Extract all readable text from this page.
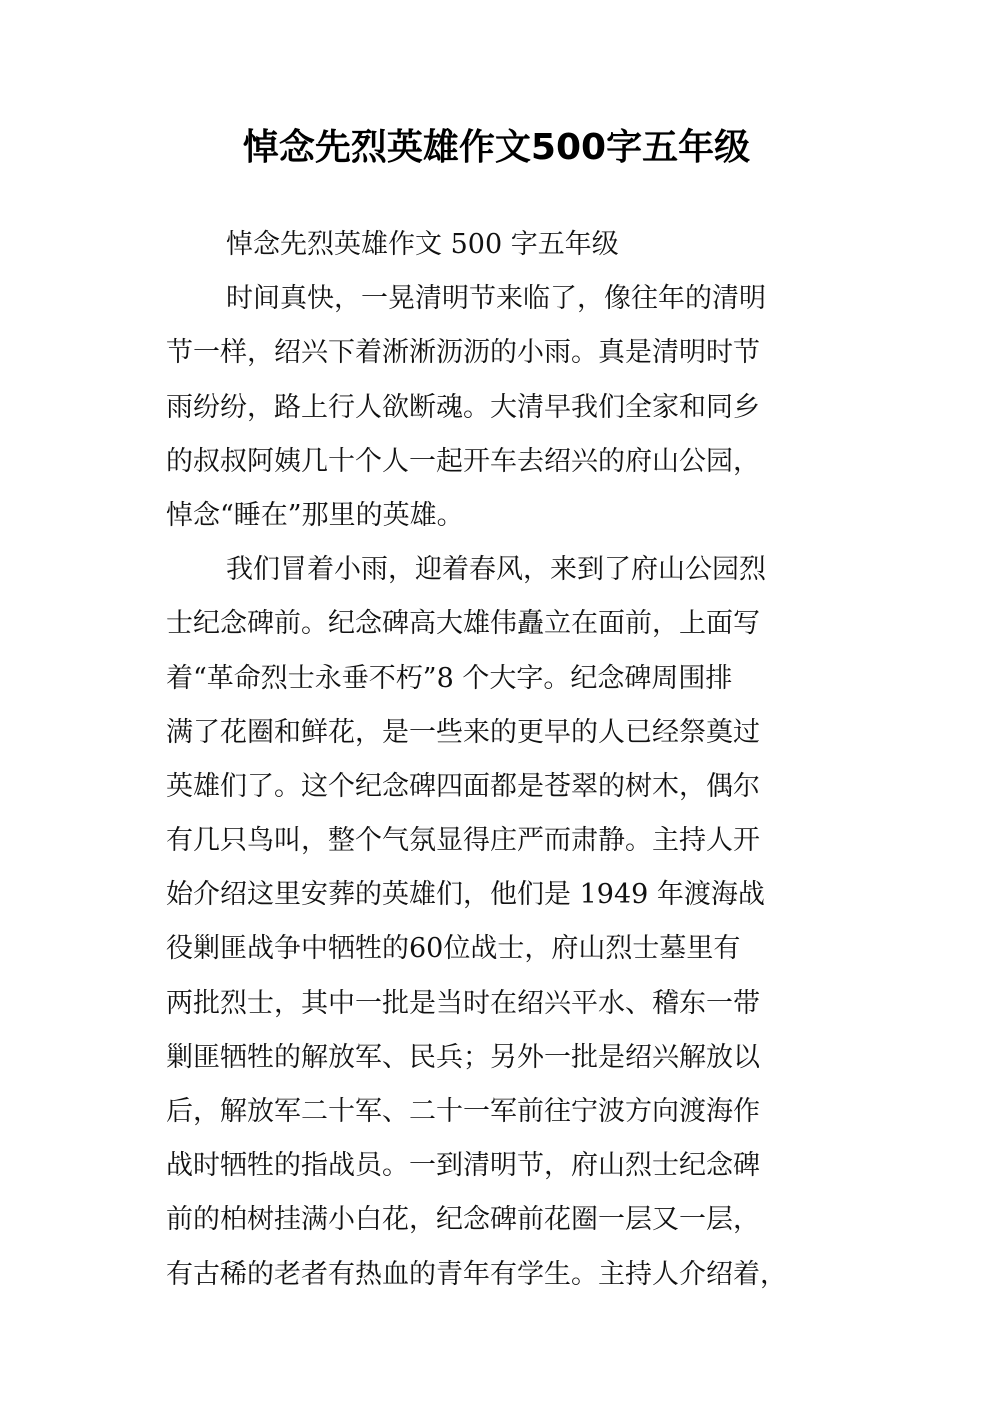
悼念先烈英雄作文500字五年级

悼念先烈英雄作文 500 字五年级

时间真快，一晃清明节来临了，像往年的清明

节一样，绍兴下着淅淅沥沥的小雨。真是清明时节

雨纷纷，路上行人欲断魂。大清早我们全家和同乡

的叔叔阿姨几十个人一起开车去绍兴的府山公园，

悼念“睡在”那里的英雄。

我们冒着小雨，迎着春风，来到了府山公园烈

士纪念碑前。纪念碑高大雄伟矗立在面前，上面写

着“革命烈士永垂不朽”8 个大字。纪念碑周围排

满了花圈和鲜花，是一些来的更早的人已经祭奠过

英雄们了。这个纪念碑四面都是苍翠的树木，偶尔

有几只鸟叫，整个气氛显得庄严而肃静。主持人开

始介绍这里安葬的英雄们，他们是 1949 年渡海战

役剿匪战争中牺牲的60位战士，府山烈士墓里有

两批烈士，其中一批是当时在绍兴平水、稽东一带

剿匪牺牲的解放军、民兵；另外一批是绍兴解放以

后，解放军二十军、二十一军前往宁波方向渡海作

战时牺牲的指战员。一到清明节，府山烈士纪念碑

前的柏树挂满小白花，纪念碑前花圈一层又一层，

有古稀的老者有热血的青年有学生。主持人介绍着，
